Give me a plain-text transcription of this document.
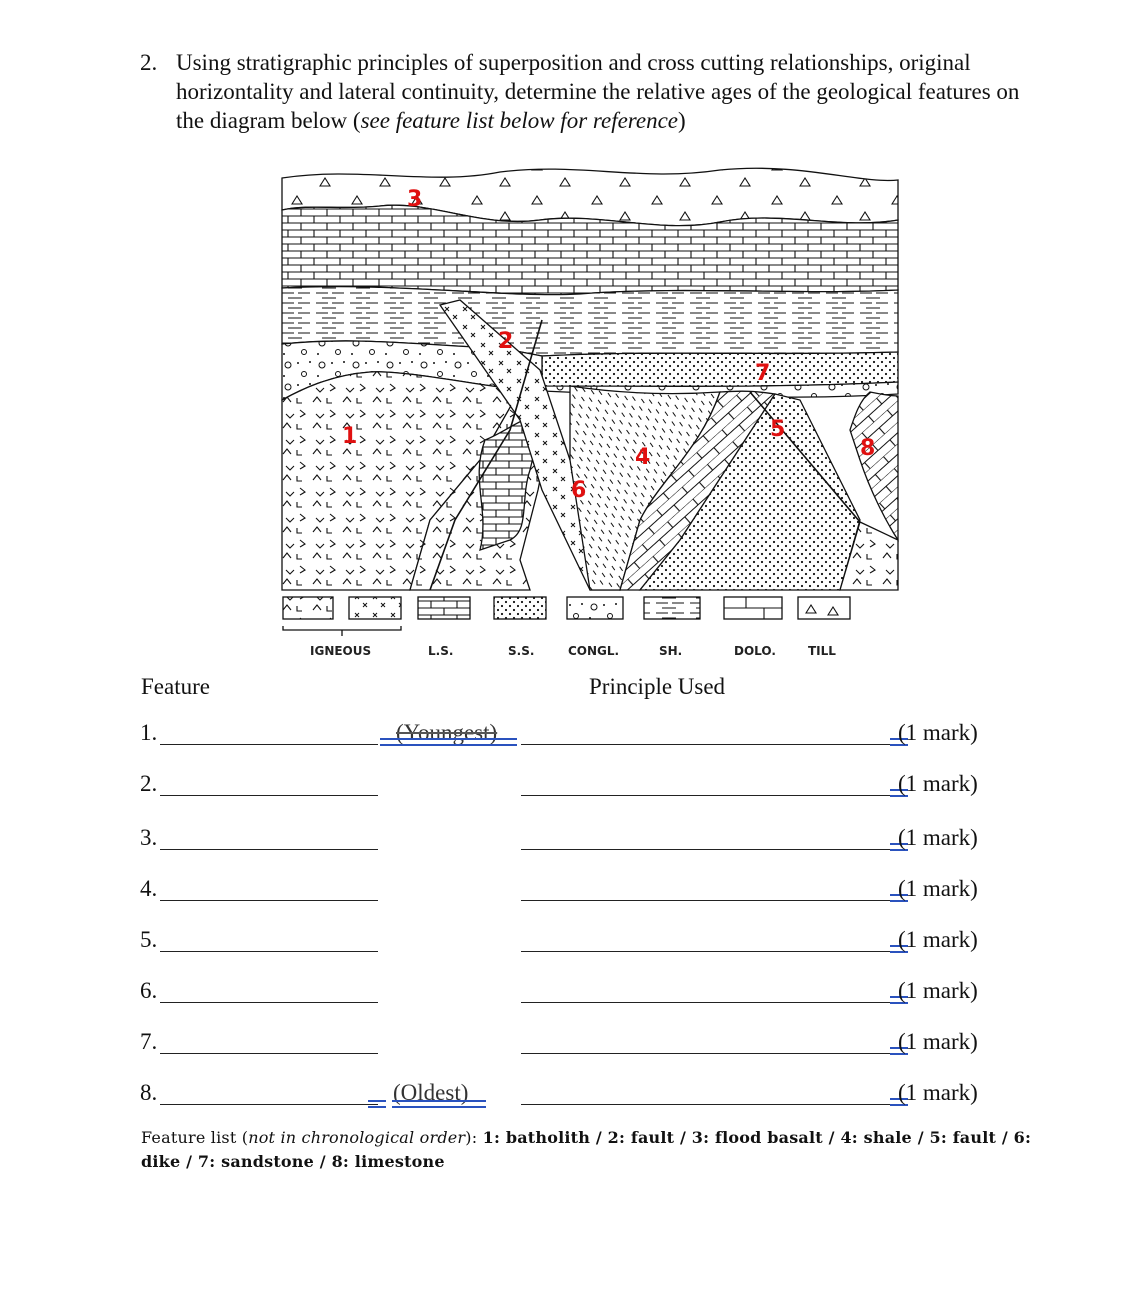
2. Using stratigraphic principles of superposition and cross cutting relationships, original horizontality and lateral continuity, determine the relative ages of the geological features on the diagram below (see feature list below for reference)
1
2
3
4
5
6
7
8
IGNEOUS	L.S.	S.S.	CONGL.	SH.	DOLO.	TILL
Feature	Principle Used
1.	(Youngest)	(1 mark)
2.	(1 mark)
3.	(1 mark)
4.	(1 mark)
5.	(1 mark)
6.	(1 mark)
7.	(1 mark)
8.	(Oldest)	(1 mark)
Feature list (not in chronological order): 1: batholith / 2: fault / 3: flood basalt / 4: shale / 5: fault / 6: dike / 7: sandstone / 8: limestone
